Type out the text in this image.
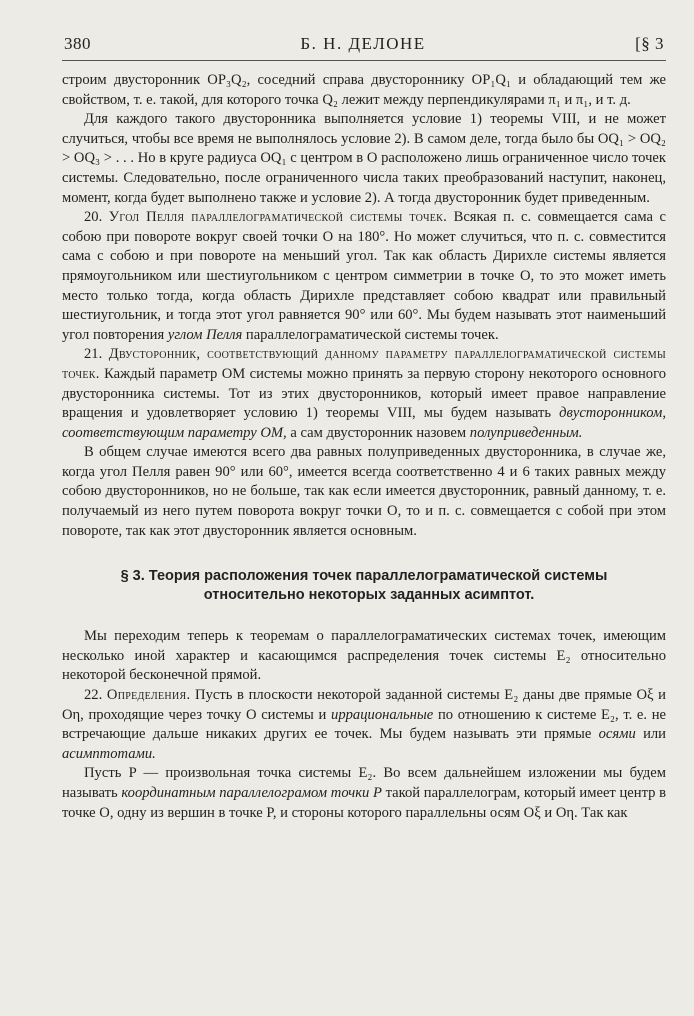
380	Б. Н. ДЕЛОНЕ	[§ 3

строим двусторонник OP₃Q₂, соседний справа двустороннику OP₁Q₁ и обладающий тем же свойством, т. е. такой, для которого точка Q₂ лежит между перпендикулярами π₁ и π₁, и т. д.

Для каждого такого двусторонника выполняется условие 1) теоремы VIII, и не может случиться, чтобы все время не выполнялось условие 2). В самом деле, тогда было бы OQ₁ > OQ₂ > OQ₃ > . . . Но в круге радиуса OQ₁ с центром в O расположено лишь ограниченное число точек системы. Следовательно, после ограниченного числа таких преобразований наступит, наконец, момент, когда будет выполнено также и условие 2). А тогда двусторонник будет приведенным.

20. Угол Пелля параллелограматической системы точек. Всякая п. с. совмещается сама с собою при повороте вокруг своей точки O на 180°. Но может случиться, что п. с. совместится сама с собою и при повороте на меньший угол. Так как область Дирихле системы является прямоугольником или шестиугольником с центром симметрии в точке O, то это может иметь место только тогда, когда область Дирихле представляет собою квадрат или правильный шестиугольник, и тогда этот угол равняется 90° или 60°. Мы будем называть этот наименьший угол повторения углом Пелля параллелограматической системы точек.

21. Двусторонник, соответствующий данному параметру параллелограматической системы точек. Каждый параметр OM системы можно принять за первую сторону некоторого основного двусторонника системы. Тот из этих двусторонников, который имеет правое направление вращения и удовлетворяет условию 1) теоремы VIII, мы будем называть двусторонником, соответствующим параметру OM, а сам двусторонник назовем полуприведенным.

В общем случае имеются всего два равных полуприведенных двусторонника, в случае же, когда угол Пелля равен 90° или 60°, имеется всегда соответственно 4 и 6 таких равных между собою двусторонников, но не больше, так как если имеется двусторонник, равный данному, т. е. получаемый из него путем поворота вокруг точки O, то и п. с. совмещается с собой при этом повороте, так как этот двусторонник является основным.

§ 3. Теория расположения точек параллелограматической системы
относительно некоторых заданных асимптот.

Мы переходим теперь к теоремам о параллелограматических системах точек, имеющим несколько иной характер и касающимся распределения точек системы E₂ относительно некоторой бесконечной прямой.

22. Определения. Пусть в плоскости некоторой заданной системы E₂ даны две прямые Oξ и Oη, проходящие через точку O системы и иррациональные по отношению к системе E₂, т. е. не встречающие дальше никаких других ее точек. Мы будем называть эти прямые осями или асимптотами.

Пусть P — произвольная точка системы E₂. Во всем дальнейшем изложении мы будем называть координатным параллелограмом точки P такой параллелограм, который имеет центр в точке O, одну из вершин в точке P, и стороны которого параллельны осям Oξ и Oη. Так как
